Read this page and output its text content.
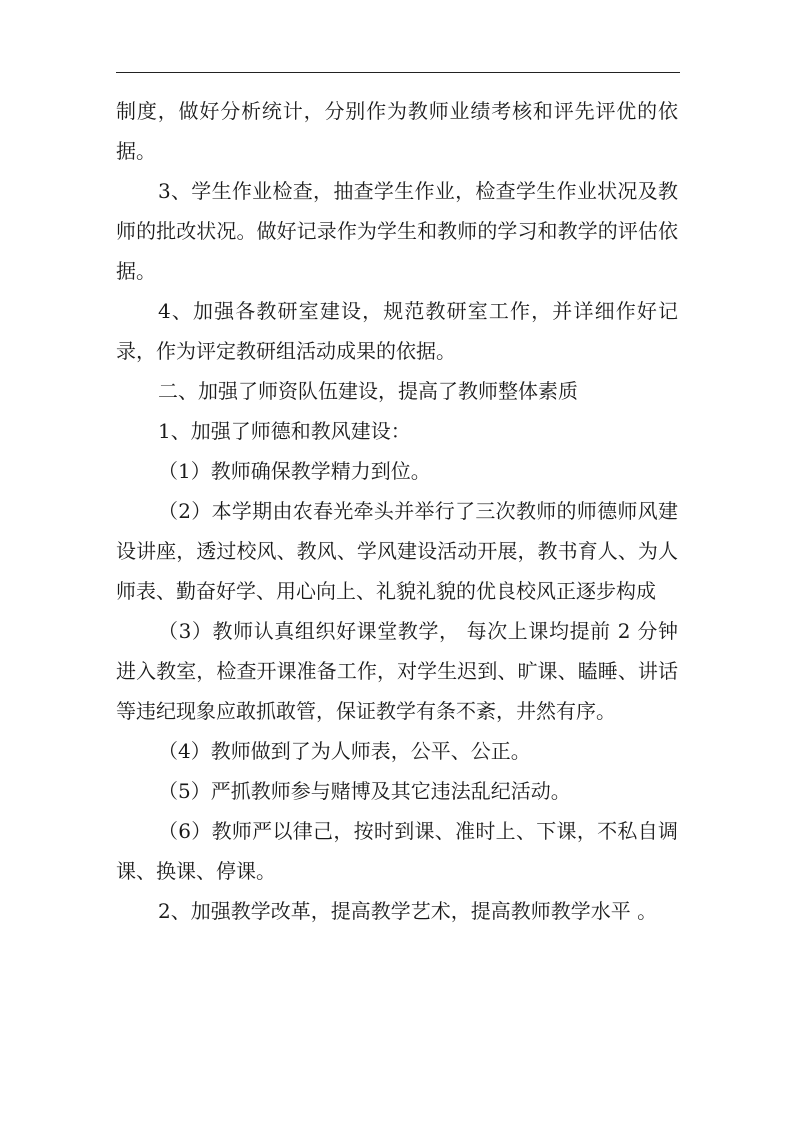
制度，做好分析统计，分别作为教师业绩考核和评先评优的依据。

3、学生作业检查，抽查学生作业，检查学生作业状况及教师的批改状况。做好记录作为学生和教师的学习和教学的评估依据。

4、加强各教研室建设，规范教研室工作，并详细作好记录，作为评定教研组活动成果的依据。

二、加强了师资队伍建设，提高了教师整体素质

1、加强了师德和教风建设：

（1）教师确保教学精力到位。

（2）本学期由农春光牵头并举行了三次教师的师德师风建设讲座，透过校风、教风、学风建设活动开展，教书育人、为人师表、勤奋好学、用心向上、礼貌礼貌的优良校风正逐步构成

（3）教师认真组织好课堂教学， 每次上课均提前 2 分钟进入教室，检查开课准备工作，对学生迟到、旷课、瞌睡、讲话等违纪现象应敢抓敢管，保证教学有条不紊，井然有序。

（4）教师做到了为人师表，公平、公正。

（5）严抓教师参与赌博及其它违法乱纪活动。

（6）教师严以律己，按时到课、准时上、下课，不私自调课、换课、停课。

2、加强教学改革，提高教学艺术，提高教师教学水平 。
